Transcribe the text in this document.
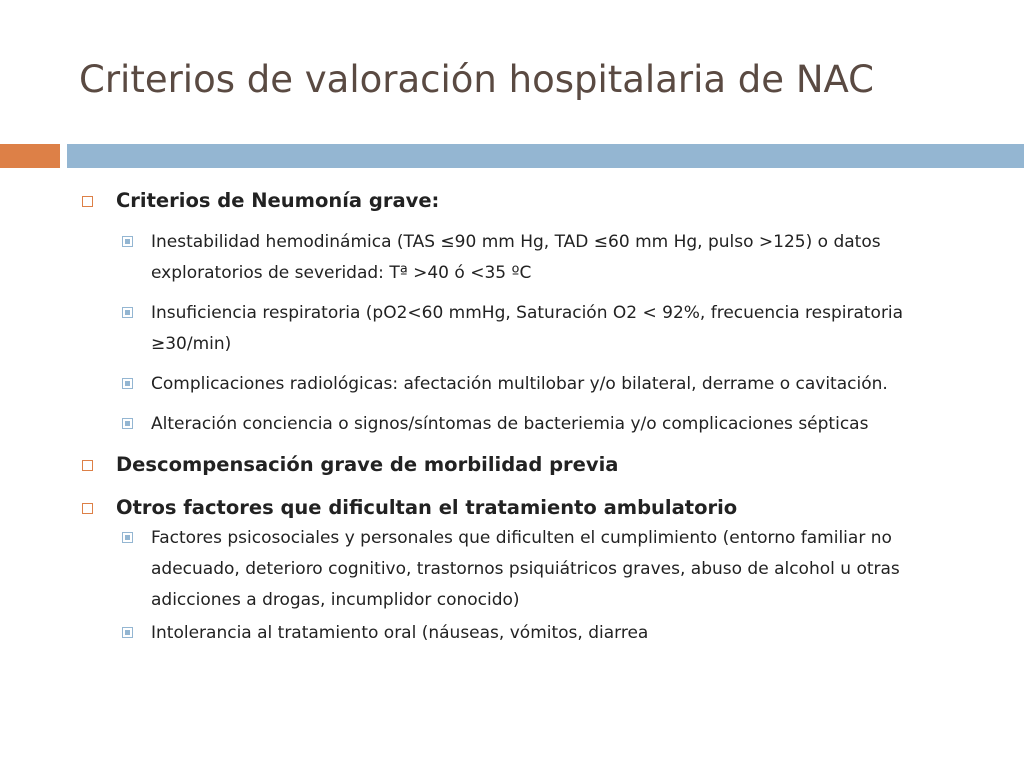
Criterios de valoración hospitalaria de NAC
Criterios de Neumonía grave:
Inestabilidad hemodinámica (TAS ≤90 mm Hg, TAD ≤60 mm Hg, pulso >125) o datos exploratorios de severidad: Tª >40 ó <35 ºC
Insuficiencia respiratoria (pO2<60 mmHg, Saturación O2 < 92%, frecuencia respiratoria ≥30/min)
Complicaciones radiológicas: afectación multilobar y/o bilateral, derrame o cavitación.
Alteración conciencia o signos/síntomas de bacteriemia y/o complicaciones sépticas
Descompensación grave de morbilidad previa
Otros factores que dificultan el tratamiento ambulatorio
Factores psicosociales y personales que dificulten el cumplimiento (entorno familiar no adecuado, deterioro cognitivo, trastornos psiquiátricos graves, abuso de alcohol u otras adicciones a drogas, incumplidor conocido)
Intolerancia al tratamiento oral (náuseas, vómitos, diarrea
